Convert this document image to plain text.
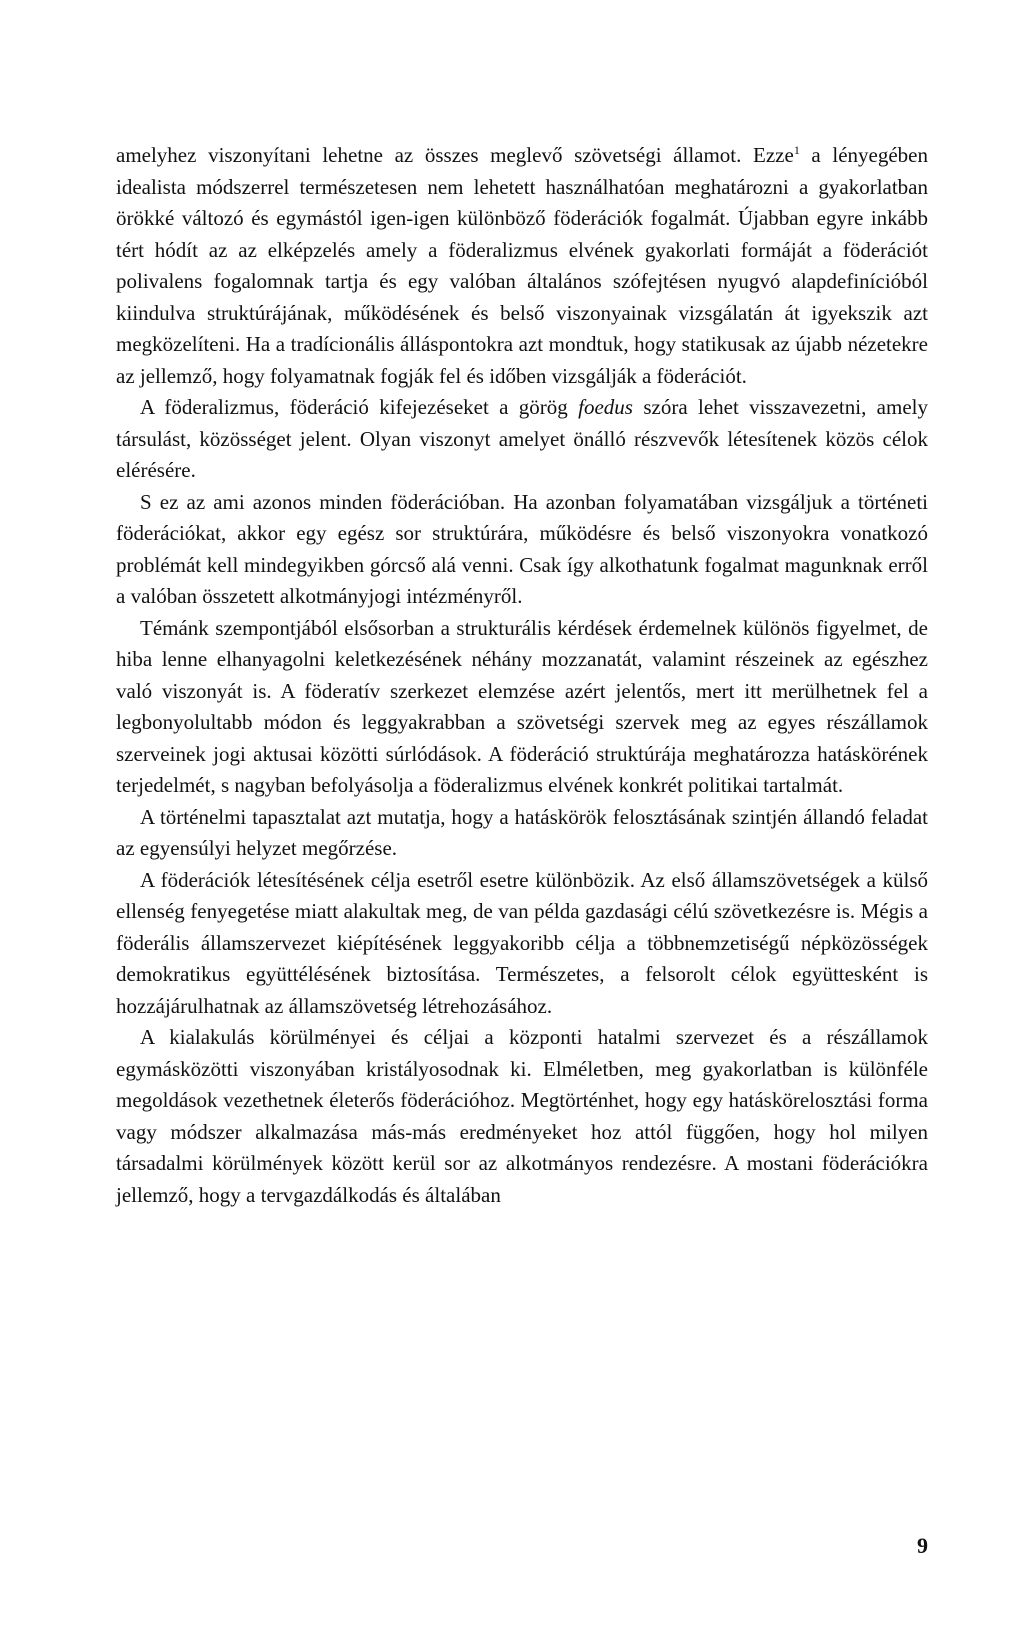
amelyhez viszonyítani lehetne az összes meglevő szövetségi államot. Ezze$^1$ a lényegében idealista módszerrel természetesen nem lehetett használhatóan meghatározni a gyakorlatban örökké változó és egymástól igen-igen különböző föderációk fogalmát. Újabban egyre inkább tért hódít az az elképzelés amely a föderalizmus elvének gyakorlati formáját a föderációt polivalens fogalomnak tartja és egy valóban általános szófejtésen nyugvó alapdefinícióból kiindulva struktúrájának, működésének és belső viszonyainak vizsgálatán át igyekszik azt megközelíteni. Ha a tradícionális álláspontokra azt mondtuk, hogy statikusak az újabb nézetekre az jellemző, hogy folyamatnak fogják fel és időben vizsgálják a föderációt.

A föderalizmus, föderáció kifejezéseket a görög foedus szóra lehet visszavezetni, amely társulást, közösséget jelent. Olyan viszonyt amelyet önálló részvevők létesítenek közös célok elérésére.

S ez az ami azonos minden föderációban. Ha azonban folyamatában vizsgáljuk a történeti föderációkat, akkor egy egész sor struktúrára, működésre és belső viszonyokra vonatkozó problémát kell mindegyikben górcső alá venni. Csak így alkothatunk fogalmat magunknak erről a valóban összetett alkotmányjogi intézményről.

Témánk szempontjából elsősorban a strukturális kérdések érdemelnek különös figyelmet, de hiba lenne elhanyagolni keletkezésének néhány mozzanatát, valamint részeinek az egészhez való viszonyát is. A föderatív szerkezet elemzése azért jelentős, mert itt merülhetnek fel a legbonyolultabb módon és leggyakrabban a szövetségi szervek meg az egyes részállamok szerveinek jogi aktusai közötti súrlódások. A föderáció struktúrája meghatározza hatáskörének terjedelmét, s nagyban befolyásolja a föderalizmus elvének konkrét politikai tartalmát.

A történelmi tapasztalat azt mutatja, hogy a hatáskörök felosztásának szintjén állandó feladat az egyensúlyi helyzet megőrzése.

A föderációk létesítésének célja esetről esetre különbözik. Az első államszövetségek a külső ellenség fenyegetése miatt alakultak meg, de van példa gazdasági célú szövetkezésre is. Mégis a föderális államszervezet kiépítésének leggyakoribb célja a többnemzetiségű népközösségek demokratikus együttélésének biztosítása. Természetes, a felsorolt célok együttesként is hozzájárulhatnak az államszövetség létrehozásához.

A kialakulás körülményei és céljai a központi hatalmi szervezet és a részállamok egymásközötti viszonyában kristályosodnak ki. Elméletben, meg gyakorlatban is különféle megoldások vezethetnek életerős föderációhoz. Megtörténhet, hogy egy hatáskörelosztási forma vagy módszer alkalmazása más-más eredményeket hoz attól függően, hogy hol milyen társadalmi körülmények között kerül sor az alkotmányos rendezésre. A mostani föderációkra jellemző, hogy a tervgazdálkodás és általában

9
